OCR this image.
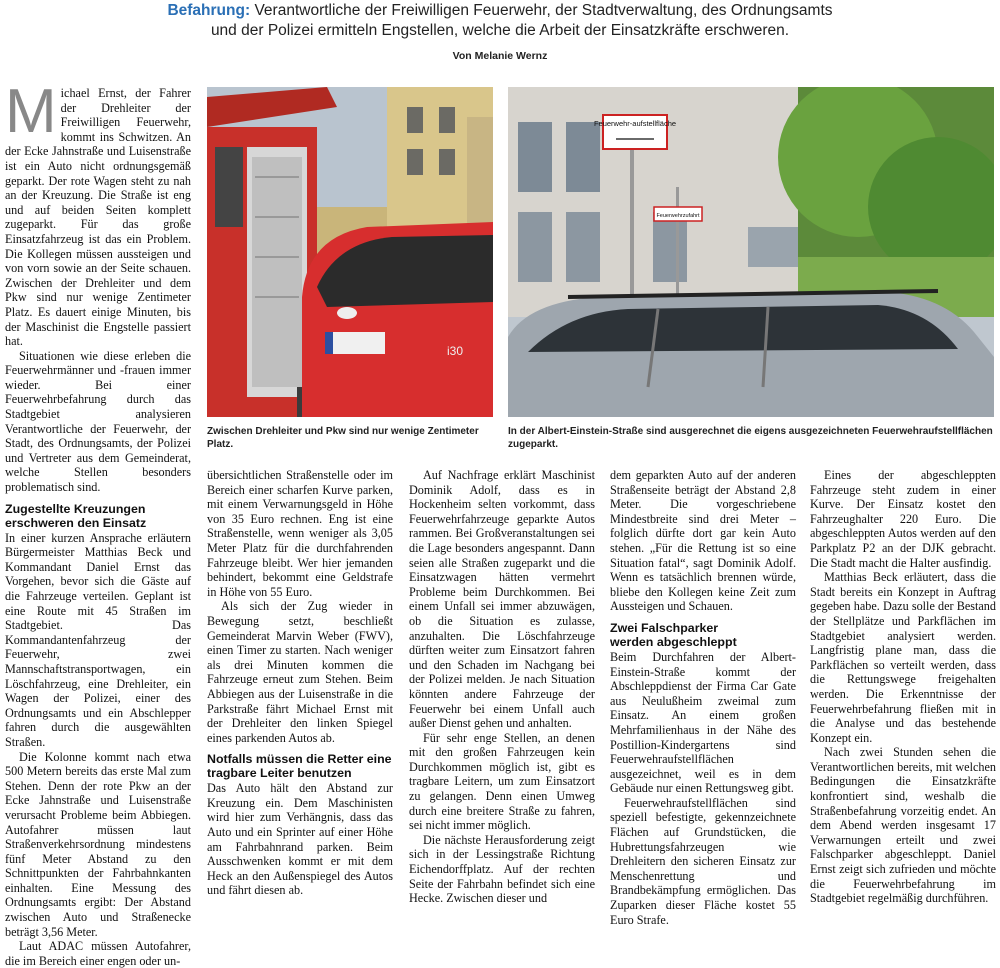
Befahrung: Verantwortliche der Freiwilligen Feuerwehr, der Stadtverwaltung, des Ordnungsamts
und der Polizei ermitteln Engstellen, welche die Arbeit der Einsatzkräfte erschweren.
Von Melanie Wernz
M ichael Ernst, der Fahrer der Drehleiter der Freiwilligen Feuerwehr, kommt ins Schwitzen. An der Ecke Jahnstraße und Luisenstraße ist ein Auto nicht ordnungsgemäß geparkt. Der rote Wagen steht zu nah an der Kreuzung. Die Straße ist eng und auf beiden Seiten komplett zugeparkt. Für das große Einsatzfahrzeug ist das ein Problem. Die Kollegen müssen aussteigen und von vorn sowie an der Seite schauen. Zwischen der Drehleiter und dem Pkw sind nur wenige Zentimeter Platz. Es dauert einige Minuten, bis der Maschinist die Engstelle passiert hat.

Situationen wie diese erleben die Feuerwehrmänner und -frauen immer wieder. Bei einer Feuerwehrbefahrung durch das Stadtgebiet analysieren Verantwortliche der Feuerwehr, der Stadt, des Ordnungsamts, der Polizei und Vertreter aus dem Gemeinderat, welche Stellen besonders problematisch sind.

Zugestellte Kreuzungen
erschweren den Einsatz

In einer kurzen Ansprache erläutern Bürgermeister Matthias Beck und Kommandant Daniel Ernst das Vorgehen, bevor sich die Gäste auf die Fahrzeuge verteilen. Geplant ist eine Route mit 45 Straßen im Stadtgebiet. Das Kommandantenfahrzeug der Feuerwehr, zwei Mannschaftstransportwagen, ein Löschfahrzeug, eine Drehleiter, ein Wagen der Polizei, einer des Ordnungsamts und ein Abschlepper fahren durch die ausgewählten Straßen.

Die Kolonne kommt nach etwa 500 Metern bereits das erste Mal zum Stehen. Denn der rote Pkw an der Ecke Jahnstraße und Luisenstraße verursacht Probleme beim Abbiegen. Autofahrer müssen laut Straßenverkehrsordnung mindestens fünf Meter Abstand zu den Schnittpunkten der Fahrbahnkanten einhalten. Eine Messung des Ordnungsamts ergibt: Der Abstand zwischen Auto und Straßenecke beträgt 3,56 Meter.

Laut ADAC müssen Autofahrer, die im Bereich einer engen oder un-

i30
Zwischen Drehleiter und Pkw sind nur wenige Zentimeter Platz.
Feuerwehr-aufstellfläche
Feuerwehrzufahrt
In der Albert-Einstein-Straße sind ausgerechnet die eigens ausgezeichneten Feuerwehraufstellflächen zugeparkt.

übersichtlichen Straßenstelle oder im Bereich einer scharfen Kurve parken, mit einem Verwarnungsgeld in Höhe von 35 Euro rechnen. Eng ist eine Straßenstelle, wenn weniger als 3,05 Meter Platz für die durchfahrenden Fahrzeuge bleibt. Wer hier jemanden behindert, bekommt eine Geldstrafe in Höhe von 55 Euro.

Als sich der Zug wieder in Bewegung setzt, beschließt Gemeinderat Marvin Weber (FWV), einen Timer zu starten. Nach weniger als drei Minuten kommen die Fahrzeuge erneut zum Stehen. Beim Abbiegen aus der Luisenstraße in die Parkstraße fährt Michael Ernst mit der Drehleiter den linken Spiegel eines parkenden Autos ab.

Notfalls müssen die Retter eine
tragbare Leiter benutzen

Das Auto hält den Abstand zur Kreuzung ein. Dem Maschinisten wird hier zum Verhängnis, dass das Auto und ein Sprinter auf einer Höhe am Fahrbahnrand parken. Beim Ausschwenken kommt er mit dem Heck an den Außenspiegel des Autos und fährt diesen ab.

Auf Nachfrage erklärt Maschinist Dominik Adolf, dass es in Hockenheim selten vorkommt, dass Feuerwehrfahrzeuge geparkte Autos rammen. Bei Großveranstaltungen sei die Lage besonders angespannt. Dann seien alle Straßen zugeparkt und die Einsatzwagen hätten vermehrt Probleme beim Durchkommen. Bei einem Unfall sei immer abzuwägen, ob die Situation es zulasse, anzuhalten. Die Löschfahrzeuge dürften weiter zum Einsatzort fahren und den Schaden im Nachgang bei der Polizei melden. Je nach Situation könnten andere Fahrzeuge der Feuerwehr bei einem Unfall auch außer Dienst gehen und anhalten.

Für sehr enge Stellen, an denen mit den großen Fahrzeugen kein Durchkommen möglich ist, gibt es tragbare Leitern, um zum Einsatzort zu gelangen. Denn einen Umweg durch eine breitere Straße zu fahren, sei nicht immer möglich.

Die nächste Herausforderung zeigt sich in der Lessingstraße Richtung Eichendorffplatz. Auf der rechten Seite der Fahrbahn befindet sich eine Hecke. Zwischen dieser und

dem geparkten Auto auf der anderen Straßenseite beträgt der Abstand 2,8 Meter. Die vorgeschriebene Mindestbreite sind drei Meter – folglich dürfte dort gar kein Auto stehen. „Für die Rettung ist so eine Situation fatal“, sagt Dominik Adolf. Wenn es tatsächlich brennen würde, bliebe den Kollegen keine Zeit zum Aussteigen und Schauen.

Zwei Falschparker
werden abgeschleppt

Beim Durchfahren der Albert-Einstein-Straße kommt der Abschleppdienst der Firma Car Gate aus Neulußheim zweimal zum Einsatz. An einem großen Mehrfamilienhaus in der Nähe des Postillion-Kindergartens sind Feuerwehraufstellflächen ausgezeichnet, weil es in dem Gebäude nur einen Rettungsweg gibt.

Feuerwehraufstellflächen sind speziell befestigte, gekennzeichnete Flächen auf Grundstücken, die Hubrettungsfahrzeugen wie Drehleitern den sicheren Einsatz zur Menschenrettung und Brandbekämpfung ermöglichen. Das Zuparken dieser Fläche kostet 55 Euro Strafe.

Eines der abgeschleppten Fahrzeuge steht zudem in einer Kurve. Der Einsatz kostet den Fahrzeughalter 220 Euro. Die abgeschleppten Autos werden auf den Parkplatz P2 an der DJK gebracht. Die Stadt macht die Halter ausfindig.

Matthias Beck erläutert, dass die Stadt bereits ein Konzept in Auftrag gegeben habe. Dazu solle der Bestand der Stellplätze und Parkflächen im Stadtgebiet analysiert werden. Langfristig plane man, dass die Parkflächen so verteilt werden, dass die Rettungswege freigehalten werden. Die Erkenntnisse der Feuerwehrbefahrung fließen mit in die Analyse und das bestehende Konzept ein.

Nach zwei Stunden sehen die Verantwortlichen bereits, mit welchen Bedingungen die Einsatzkräfte konfrontiert sind, weshalb die Straßenbefahrung vorzeitig endet. An dem Abend werden insgesamt 17 Verwarnungen erteilt und zwei Falschparker abgeschleppt. Daniel Ernst zeigt sich zufrieden und möchte die Feuerwehrbefahrung im Stadtgebiet regelmäßig durchführen.
